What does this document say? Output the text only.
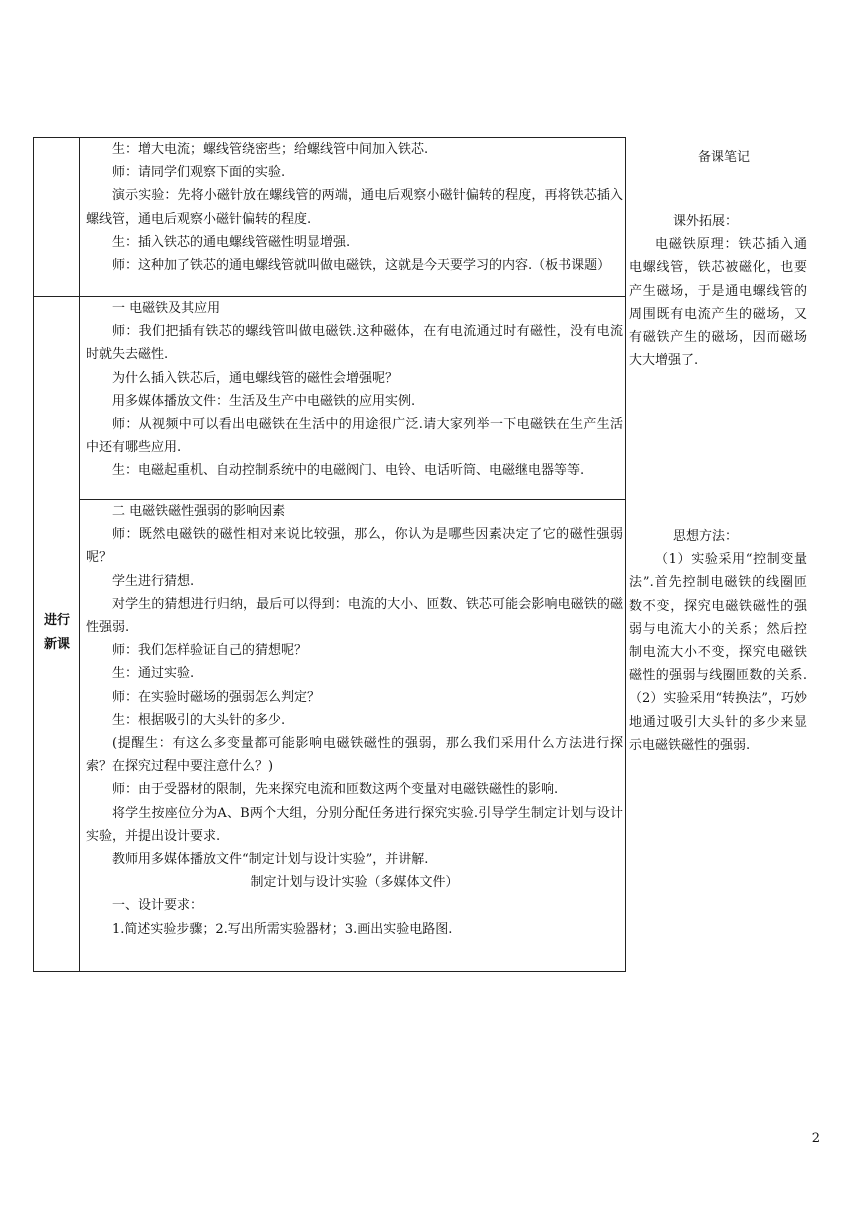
进行
新课

生：增大电流；螺线管绕密些；给螺线管中间加入铁芯.

师：请同学们观察下面的实验.

演示实验：先将小磁针放在螺线管的两端，通电后观察小磁针偏转的程度，再将铁芯插入螺线管，通电后观察小磁针偏转的程度.

生：插入铁芯的通电螺线管磁性明显增强.

师：这种加了铁芯的通电螺线管就叫做电磁铁，这就是今天要学习的内容.（板书课题）

一 电磁铁及其应用

师：我们把插有铁芯的螺线管叫做电磁铁.这种磁体，在有电流通过时有磁性，没有电流时就失去磁性.

为什么插入铁芯后，通电螺线管的磁性会增强呢？

用多媒体播放文件：生活及生产中电磁铁的应用实例.

师：从视频中可以看出电磁铁在生活中的用途很广泛.请大家列举一下电磁铁在生产生活中还有哪些应用.

生：电磁起重机、自动控制系统中的电磁阀门、电铃、电话听筒、电磁继电器等等.

二 电磁铁磁性强弱的影响因素

师：既然电磁铁的磁性相对来说比较强，那么，你认为是哪些因素决定了它的磁性强弱呢？

学生进行猜想.

对学生的猜想进行归纳，最后可以得到：电流的大小、匝数、铁芯可能会影响电磁铁的磁性强弱.

师：我们怎样验证自己的猜想呢？

生：通过实验.

师：在实验时磁场的强弱怎么判定？

生：根据吸引的大头针的多少.

(提醒生：有这么多变量都可能影响电磁铁磁性的强弱，那么我们采用什么方法进行探索？在探究过程中要注意什么？)

师：由于受器材的限制，先来探究电流和匝数这两个变量对电磁铁磁性的影响.

将学生按座位分为A、B两个大组，分别分配任务进行探究实验.引导学生制定计划与设计实验，并提出设计要求.

教师用多媒体播放文件“制定计划与设计实验”，并讲解.

制定计划与设计实验（多媒体文件）

一、设计要求：

1.简述实验步骤；2.写出所需实验器材；3.画出实验电路图.

备课笔记

课外拓展：

电磁铁原理：铁芯插入通电螺线管，铁芯被磁化，也要产生磁场，于是通电螺线管的周围既有电流产生的磁场，又有磁铁产生的磁场，因而磁场大大增强了.

思想方法：

（1）实验采用“控制变量法”.首先控制电磁铁的线圈匝数不变，探究电磁铁磁性的强弱与电流大小的关系；然后控制电流大小不变，探究电磁铁磁性的强弱与线圈匝数的关系.（2）实验采用“转换法”，巧妙地通过吸引大头针的多少来显示电磁铁磁性的强弱.

2
